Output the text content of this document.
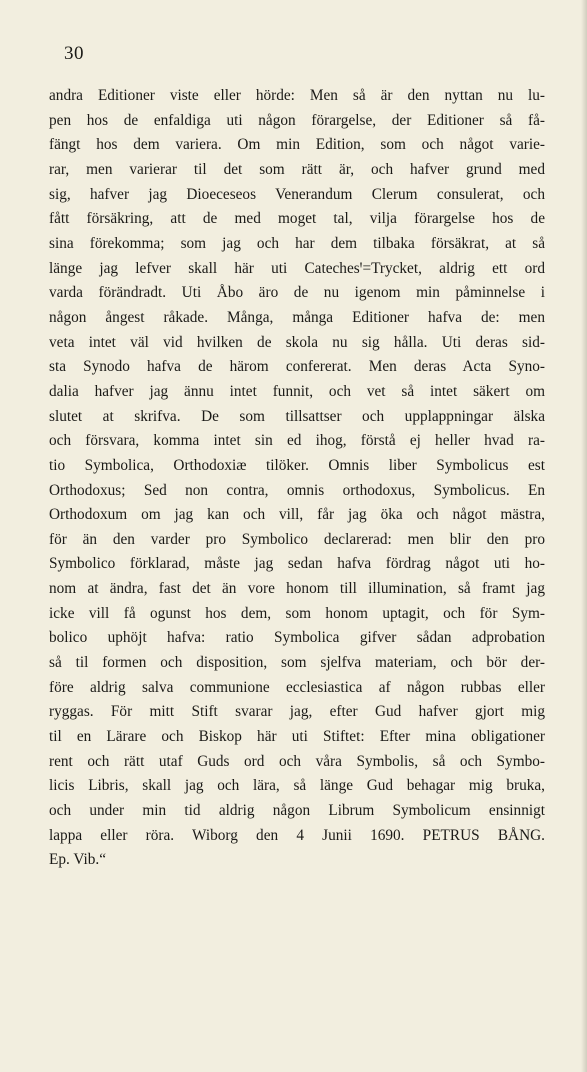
30
andra Editioner viste eller hörde: Men så är den nyttan nu lu-
pen hos de enfaldiga uti någon förargelse, der Editioner så få-
fängt hos dem variera. Om min Edition, som och något varie-
rar, men varierar til det som rätt är, och hafver grund med
sig, hafver jag Dioeceseos Venerandum Clerum consulerat, och
fått försäkring, att de med moget tal, vilja förargelse hos de
sina förekomma; som jag och har dem tilbaka försäkrat, at så
länge jag lefver skall här uti Catechesꞌ=Trycket, aldrig ett ord
varda förändradt. Uti Åbo äro de nu igenom min påminnelse i
någon ångest råkade. Många, många Editioner hafva de: men
veta intet väl vid hvilken de skola nu sig hålla. Uti deras sid-
sta Synodo hafva de härom confererat. Men deras Acta Syno-
dalia hafver jag ännu intet funnit, och vet så intet säkert om
slutet at skrifva. De som tillsattser och upplappningar älska
och försvara, komma intet sin ed ihog, förstå ej heller hvad ra-
tio Symbolica, Orthodoxiæ tilöker. Omnis liber Symbolicus est
Orthodoxus; Sed non contra, omnis orthodoxus, Symbolicus. En
Orthodoxum om jag kan och vill, får jag öka och något mästra,
för än den varder pro Symbolico declarerad: men blir den pro
Symbolico förklarad, måste jag sedan hafva fördrag något uti ho-
nom at ändra, fast det än vore honom till illumination, så framt jag
icke vill få ogunst hos dem, som honom uptagit, och för Sym-
bolico uphöjt hafva: ratio Symbolica gifver sådan adprobation
så til formen och disposition, som sjelfva materiam, och bör der-
före aldrig salva communione ecclesiastica af någon rubbas eller
ryggas. För mitt Stift svarar jag, efter Gud hafver gjort mig
til en Lärare och Biskop här uti Stiftet: Efter mina obligationer
rent och rätt utaf Guds ord och våra Symbolis, så och Symbo-
licis Libris, skall jag och lära, så länge Gud behagar mig bruka,
och under min tid aldrig någon Librum Symbolicum ensinnigt
lappa eller röra. Wiborg den 4 Junii 1690. PETRUS BÅNG.
Ep. Vib.“
